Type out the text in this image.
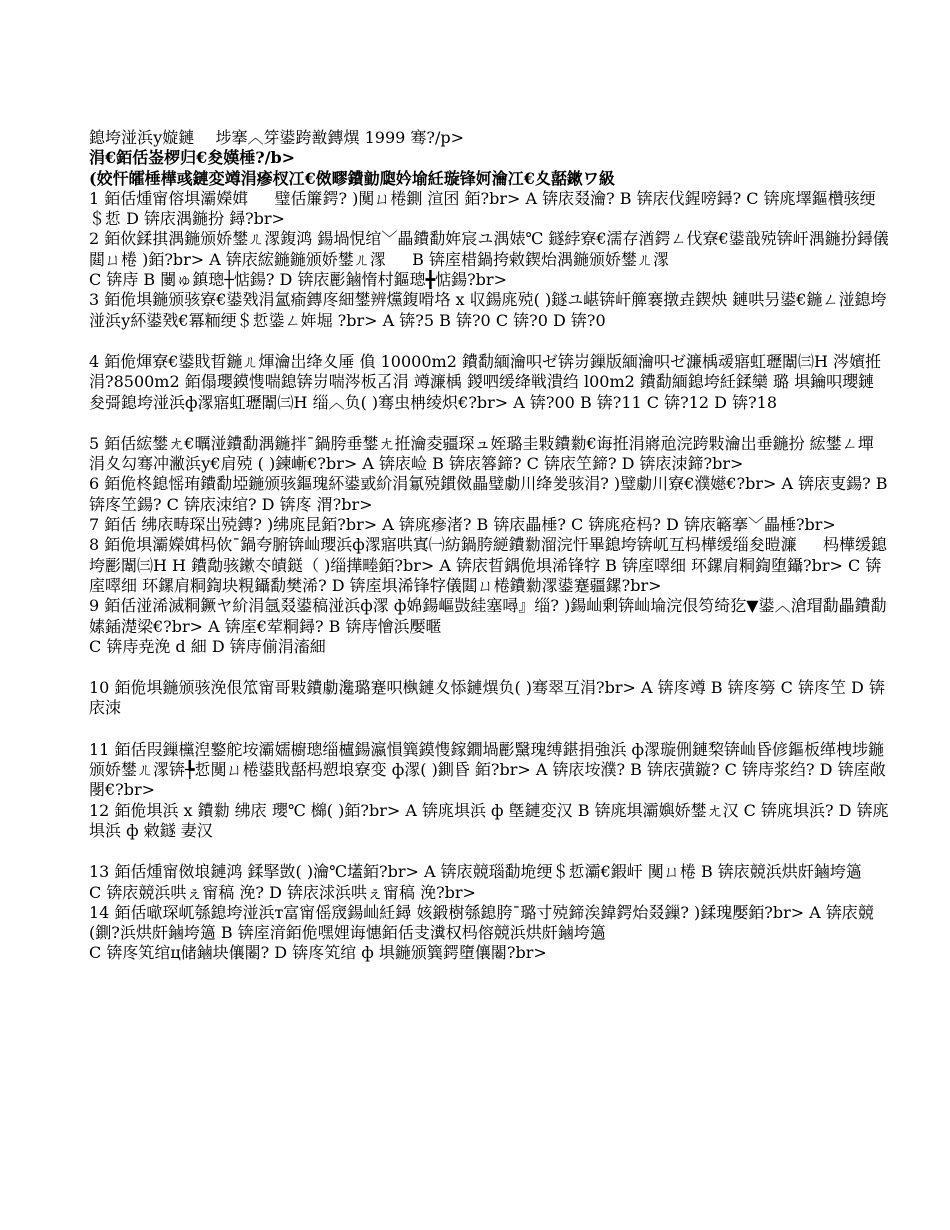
鎴垮湴浜у嫙鏈 　埗搴︿笌鍙跨敾鏄熼 1999 骞?/p>

涓€銆佸崟椤归€夋嫨棰?/b>

(姣忓皬棰樺彧鏈変竴涓瘮杈冮€傚疁鐨勭瓟妗堬紝璇锋妸瀹冮€夊嚭鏉ワ級

1 銆佸煄甯傛埧灞嬫媶 　 璧佸簾鍔? )闃ㄩ棬鍘 渲囨 銆?br> A 锛庡叕瀹? B 锛庡伐鍟嗙鐞? C 锛庣墿鏂欑骇绠＄悊 D 锛庡湡鍦扮 鐞?br>

2 銆佽鍒掑湡鍦颁娇鐢ㄦ潈鍑鸿 鍚堝悓绾﹀畾鐨勫姩宸ユ湡婊℃ 鐩綍寮€濡存湭鍔ㄥ伐寮€鍙戠殑锛屽湡鍦扮鐞儀閮ㄩ棬 )銆?br> A 锛庡綋鍦鍦颁娇鐢ㄦ潈 　 B 锛庢棤鍋挎敹鍥炲湡鍦颁娇鐢ㄦ潈

C 锛庤 B 闄ゅ鎮璁┼惦鍚? D 锛庡彲鏀惰村鏂璁╋惦鍚?br>

3 銆佹埧鍦颁骇寮€鍙戣涓氳瘉鏄庝細鐢辨爣鍑嗗垎 x 収鍚庣殑( )鐩ユ嵁锛屽簲褰撴垚鍥炴 鏈哄叧鍙€鍦ㄥ湴鎴垮湴浜у紑鍙戣€冪粫绠＄悊鍌ㄥ姩堀 ?br> A 锛?5 B 锛?0 C 锛?0 D 锛?0

4 銆佹煇寮€鍙戝晢鍦ㄦ煇瀹岀绛夊厜 偩 10000m2 鐨勫緬瀹呮ゼ锛岃鏁版緬瀹呮ゼ濂楀叆寤虹瓑闈㈢Н 涔嬪拰涓?8500m2 銆傝瓔鏌愯喘鎴锛岃喘涔板叾涓 竴濂楀 鍐呬缓绛戦潰绉 l00m2 鐨勫緬鎴垮紝鍒欒 璐 埧鑰呮瓔鏈夋彁鎴垮湴浜ф潈寤虹瓑闈㈢Н 缁︿负( )骞虫柟绫炽€?br> A 锛?00 B 锛?11 C 锛?12 D 锛?18

5 銆佸綋鐢ㄤ€曞湴鐨勫湡鍦拌¯鍋胯垂鐢ㄤ拰瀹夌疆琛ュ姪璐圭敤鐨勬€诲拰涓嶈兘浣跨敤瀹岀垂鍦扮 綋鐢ㄥ墠涓夊勾骞冲潎浜у€肩殑 ( )鍊嶃€?br> A 锛庡崄 B 锛庡簭鍗? C 锛庡笁鍗? D 锛庡洓鍗?br>

6 銆佹柊鎴愮珛鐨勫埡鍦颁骇鏂瑰紑鍙戜紒涓氱殑鏆傚畾璧勮川绛夎骇涓? )璧勮川寮€濮嬨€?br> A 锛庡叓鍚? B 锛庝笁鍚? C 锛庡洓绾? D 锛庝 渭?br>

7 銆佸 绋庡畴琛岀殑鏄? )绋庣昆銆?br> A 锛庣瘮渚? B 锛庡畾棰? C 锛庣疮杩? D 锛庡簵搴﹀畾棰?br>

8 銆佹埧灞嬫媶杩佽¯鍋夸腑锛屾瓔浜ф潈寤哄寘㈠紡鍋胯縌鐨勬溜浣忓畢鎴垮锛屼互杩樺缓缁夋暟濂 　 杩樺缓鎴垮彲闈㈢Н H 鐨勪骇鏉冭皟鎹（ )缁撶畻銆?br> A 锛庡晢鍝佹埧浠锋牸 B 锛庢噿细 环鏍肩粡鍧堕鑷?br> C 锛庢噿细 环鏍肩粡鍧块粯鑷勫樊浠? D 锛庢埧浠锋牸儀閮ㄩ棬鐨勬潈鍙蹇疆鏍?br>

9 銆佸湴浠滅粡鐝ヤ紒涓氬叕鍙稿湴浜ф潈 ф婂鍚嶇敱絓塞噚』缁? )鍚屾剰锛屾埨浣佷笉绮犵▼鍙︿滄瑁勫畾鐨勫嫊鍤濋梁€?br> A 锛庢€荤粡鐞? B 锛庤懀浜嬮暱

C 锛庤尭浼 d 細 D 锛庤偂涓滀細

10 銆佹埧鍦颁骇浼佷笟甯哥敤鐨勮瀺璐蹇呮槸鏈夊悿鏈熼负( )骞翠互涓?br> A 锛庝竴 B 锛庝簩 C 锛庝笁 D 锛庡洓

11 銆佸叚鏁欓湼鐜舵垵灞嬬櫥璁缁櫨鍚瀛愪簨鏌愯鎵鐗堝彲黳瑰缚鍖捐強浜 ф潈璇侀鏈棃锛屾昏偐鏂板缂栧埗鍦颁娇鐢ㄦ潈锛╄悊闃ㄩ棬鍙戝嚭杩愬埌寮变 ф潈( )鍘昏 銆?br> A 锛庡垵濮? B 锛庡彉鏇? C 锛庤浆绉? D 锛庢敞閿€?br>

12 銆佹埧浜 x 鐨勬 绋庡 瓔℃ 檰( )銆?br> A 锛庣埧浜 ф 墍鏈変汉 B 锛庣埧灞嬩娇鐢ㄤ汉 C 锛庣埧浜? D 锛庣埧浜 ф 敹鐩 妻汉

13 銆佸煄甯傚埌鏈鸿 鍒掔敳( )瀹℃壒銆?br> A 锛庡競瑙勫垝绠＄悊灞€鍜屽 闃ㄩ棬 B 锛庡競浜烘皯鏀垮簻

C 锛庡競浜哄ぇ甯稿 浼? D 锛庡浗浜哄ぇ甯稿 浼?br>

14 銆佸噷琛屼綔鎴垮湴浜т富甯傜窚鍚屾紝鐞 姟鍛樹綔鎴胯¯璐寸殑鍗涘鍏鍔炲叕鏁? )鍒瑰嬮銆?br> A 锛庡競(鍘?浜烘皯鏀垮簻 B 锛庢湇銆佹嘿娌诲憓銆佸叏瀵权杩傛競浜烘皯鏀垮簻

C 锛庝笂绾ц储鏀块儴闂? D 锛庝笂绾 ф 埧鍦颁簨鍔墮儴闂?br>
